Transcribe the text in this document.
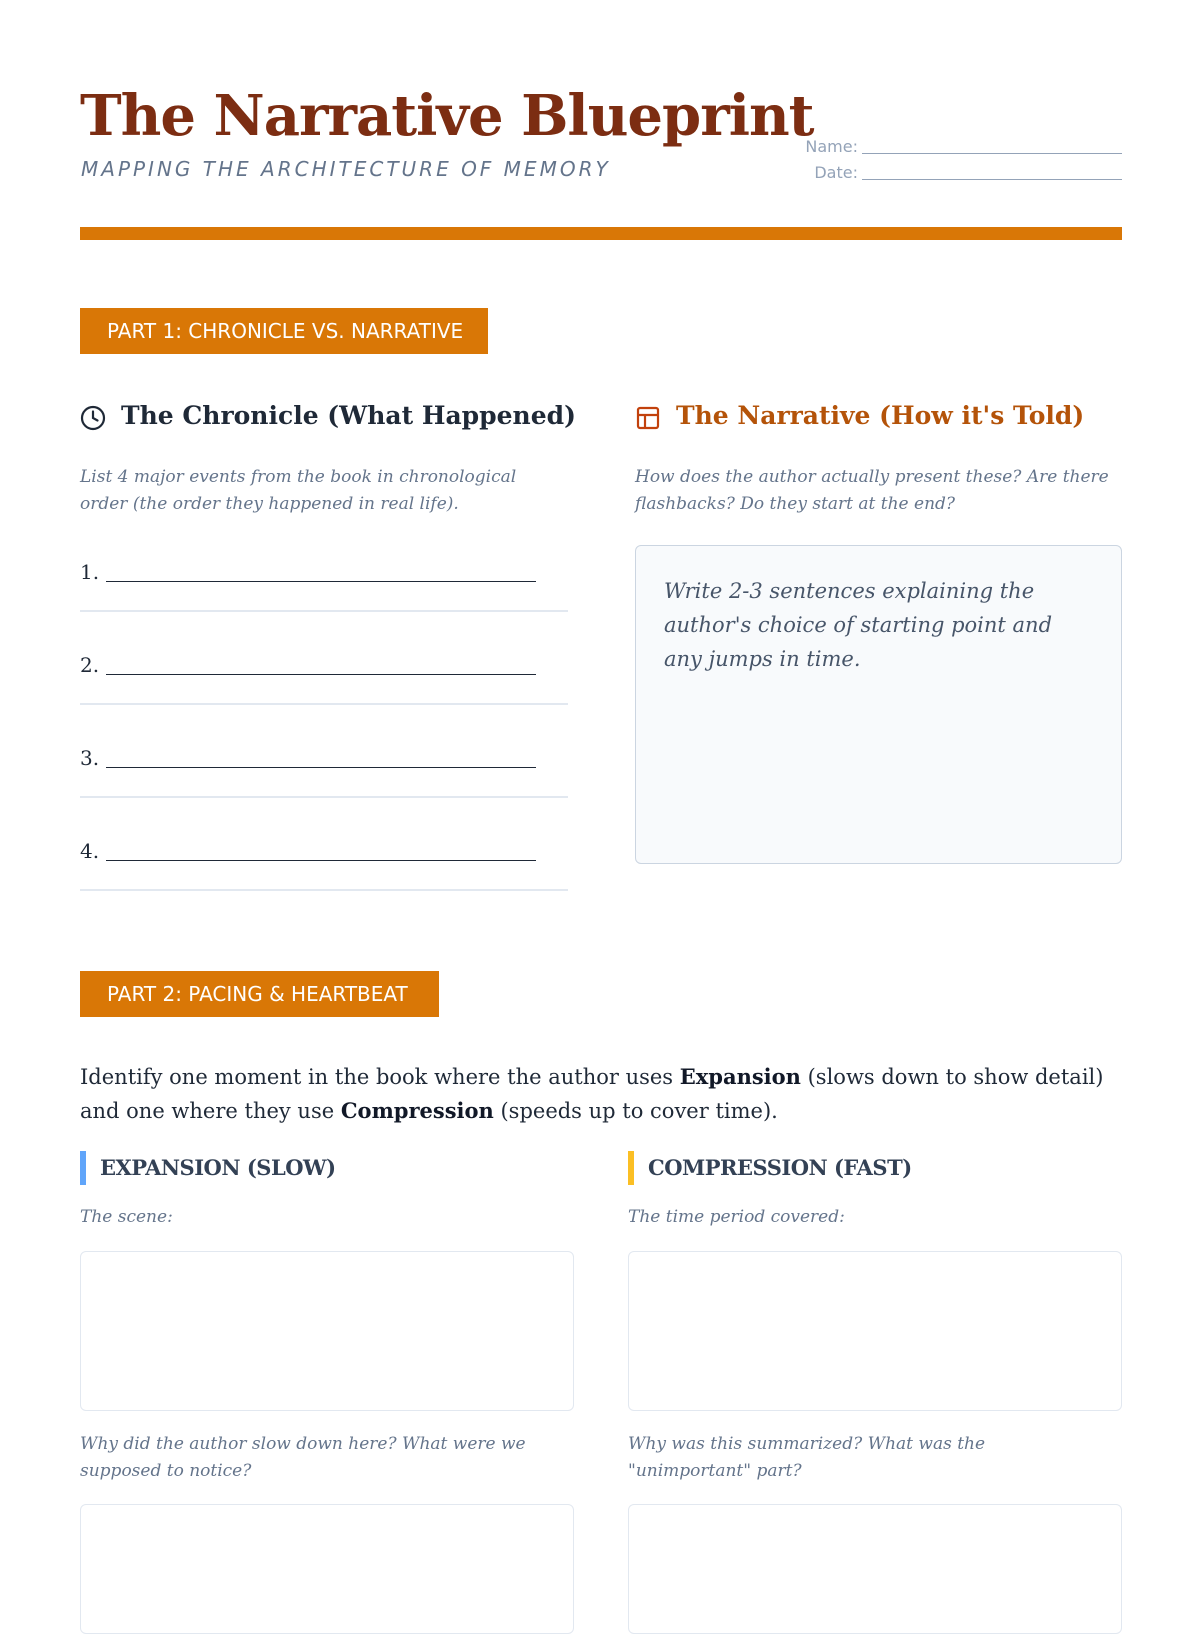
The Narrative Blueprint
MAPPING THE ARCHITECTURE OF MEMORY
Name:
Date:
PART 1: CHRONICLE VS. NARRATIVE
The Chronicle (What Happened)
List 4 major events from the book in chronological order (the order they happened in real life).
1.
2.
3.
4.
The Narrative (How it's Told)
How does the author actually present these? Are there flashbacks? Do they start at the end?
Write 2-3 sentences explaining the author's choice of starting point and any jumps in time.
PART 2: PACING & HEARTBEAT
Identify one moment in the book where the author uses Expansion (slows down to show detail) and one where they use Compression (speeds up to cover time).
EXPANSION (SLOW)
The scene:
Why did the author slow down here? What were we supposed to notice?
COMPRESSION (FAST)
The time period covered:
Why was this summarized? What was the "unimportant" part?
